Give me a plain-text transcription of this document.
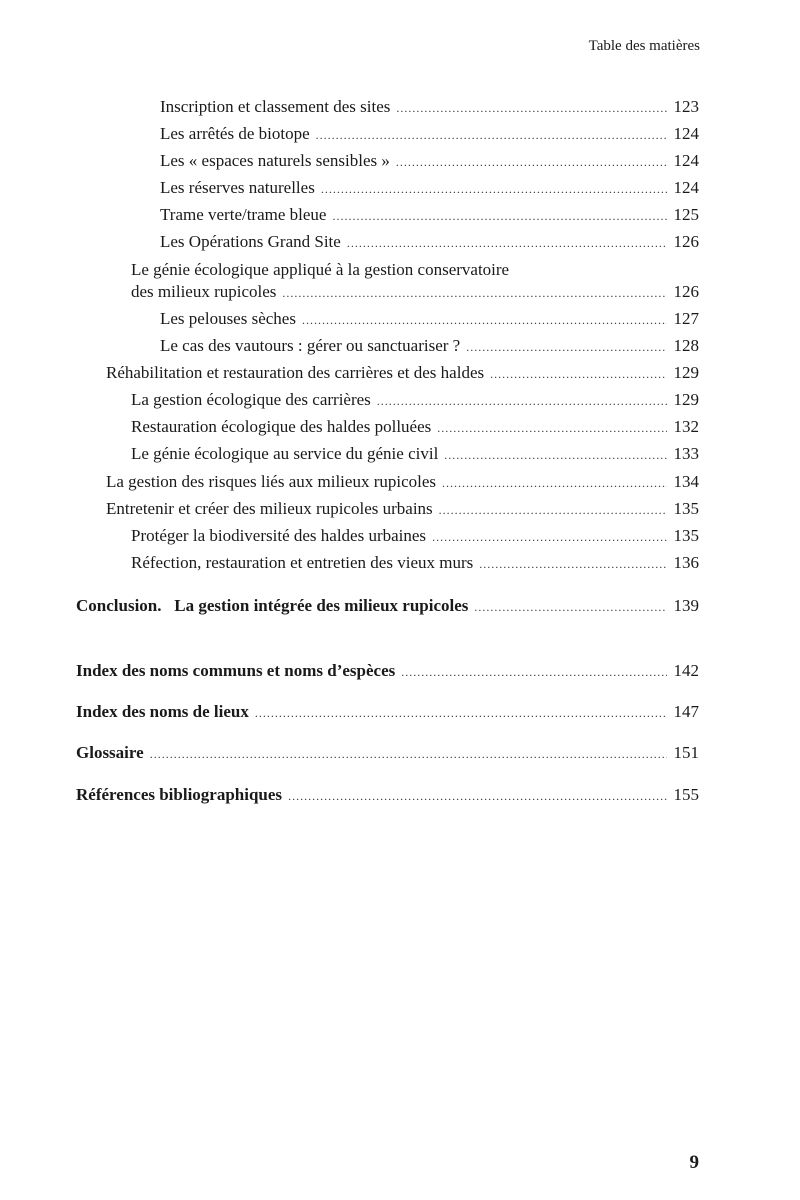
Table des matières

Inscription et classement des sites .....	123
Les arrêtés de biotope .....	124
Les « espaces naturels sensibles » .....	124
Les réserves naturelles .....	124
Trame verte/trame bleue .....	125
Les Opérations Grand Site .....	126
Le génie écologique appliqué à la gestion conservatoire
des milieux rupicoles .....	126
Les pelouses sèches .....	127
Le cas des vautours : gérer ou sanctuariser ? .....	128
Réhabilitation et restauration des carrières et des haldes .....	129
La gestion écologique des carrières .....	129
Restauration écologique des haldes polluées .....	132
Le génie écologique au service du génie civil .....	133
La gestion des risques liés aux milieux rupicoles .....	134
Entretenir et créer des milieux rupicoles urbains .....	135
Protéger la biodiversité des haldes urbaines .....	135
Réfection, restauration et entretien des vieux murs .....	136
Conclusion.   La gestion intégrée des milieux rupicoles .....	139
Index des noms communs et noms d’espèces .....	142
Index des noms de lieux .....	147
Glossaire .....	151
Références bibliographiques .....	155

9
